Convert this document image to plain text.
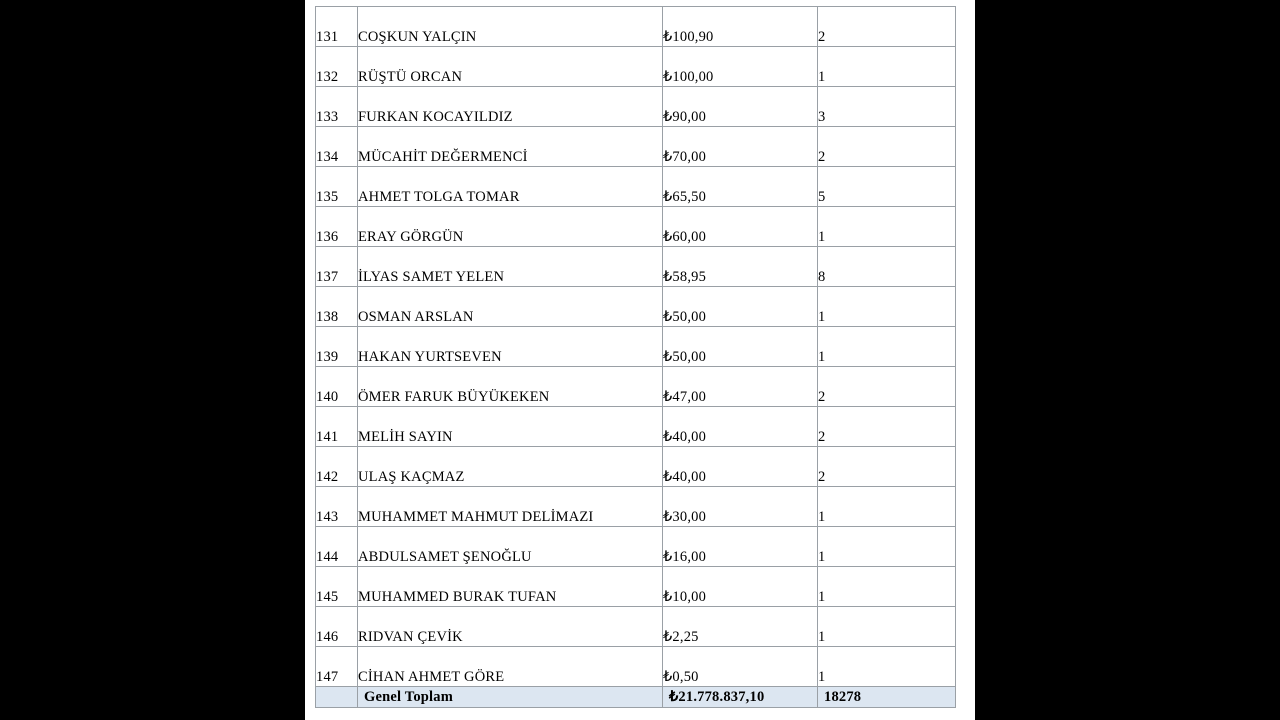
131	COŞKUN YALÇIN	₺100,90	2
132	RÜŞTÜ ORCAN	₺100,00	1
133	FURKAN KOCAYILDIZ	₺90,00	3
134	MÜCAHİT DEĞERMENCİ	₺70,00	2
135	AHMET TOLGA TOMAR	₺65,50	5
136	ERAY GÖRGÜN	₺60,00	1
137	İLYAS SAMET YELEN	₺58,95	8
138	OSMAN ARSLAN	₺50,00	1
139	HAKAN YURTSEVEN	₺50,00	1
140	ÖMER FARUK BÜYÜKEKEN	₺47,00	2
141	MELİH SAYIN	₺40,00	2
142	ULAŞ KAÇMAZ	₺40,00	2
143	MUHAMMET MAHMUT DELİMAZI	₺30,00	1
144	ABDULSAMET ŞENOĞLU	₺16,00	1
145	MUHAMMED BURAK TUFAN	₺10,00	1
146	RIDVAN ÇEVİK	₺2,25	1
147	CİHAN AHMET GÖRE	₺0,50	1
	Genel Toplam	₺21.778.837,10	18278
